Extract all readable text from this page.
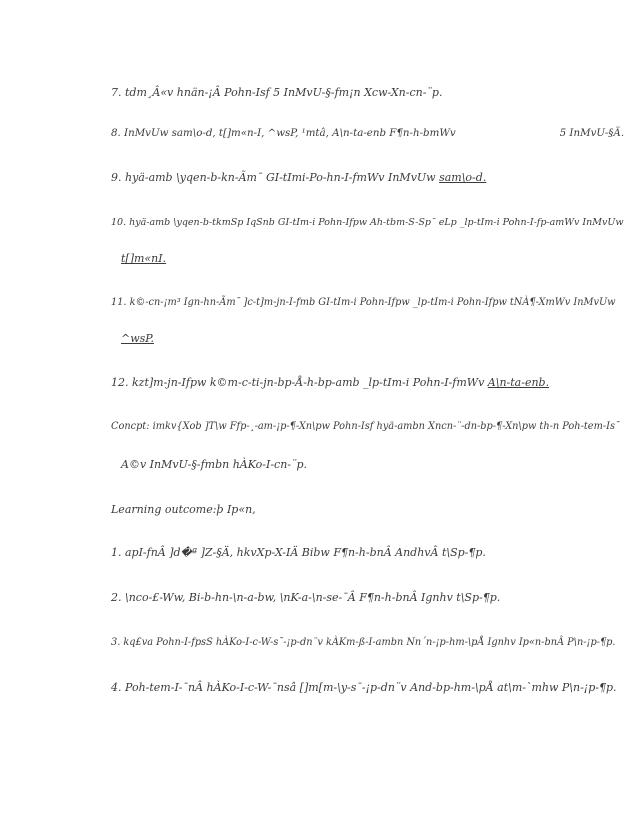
7. tdm¸Â«v hnän-¡Â Pohn-Isf 5 InMvU-§-fm¡n Xcw-Xn-cn-¨p.
8. InMvUw sam\o-d, t[]m«n-I, ^wsP, ¹mtâ, A\n-ta-enb F¶n-h-bmWv	5 InMvU-§Ä.
9. hyä-amb \yqen-b-kn-Ãm¯ GI-tImi-Po-hn-I-fmWv InMvUw sam\o-d.
10. hyä-amb \yqen-b-tkmSp IqSnb GI-tIm-i Pohn-Ifpw Ah-tbm-S-Sp¯ eLp _lp-tIm-i Pohn-I-fp-amWv InMvUw
t[]m«nI.
11. k©-cn-¡m³ Ign-hn-Ãm¯ ]c-t]m-jn-I-fmb GI-tIm-i Pohn-Ifpw _lp-tIm-i Pohn-Ifpw tNÀ¶-XmWv InMvUw
^wsP.
12. kzt]m-jn-Ifpw k©m-c-ti-jn-bp-Å-h-bp-amb _lp-tIm-i Pohn-I-fmWv A\n-ta-enb.
Concpt: imkv{Xob ]T\w Ffp-¸-am-¡p-¶-Xn\pw Pohn-Isf hyä-ambn Xncn-¨-dn-bp-¶-Xn\pw th-n Poh-tem-Is¯
A©v InMvU-§-fmbn hÀKo-I-cn-¨p.
Learning outcome:þ Ip«n,
1. apI-fnÂ ]d�ª ]Z-§Ä, hkvXp-X-IÄ Bibw F¶n-h-bnÂ AndhvÂ t\Sp-¶p.
2. \nco-£-Ww, Bi-b-hn-\n-a-bw, \nK-a-\n-se-¯Â F¶n-h-bnÂ Ignhv t\Sp-¶p.
3. kq£va Pohn-I-fpsS hÀKo-I-c-W-s¯-¡p-dn¨v kÀKm-ß-I-ambn Nn´n-¡p-hm-\pÅ Ignhv Ip«n-bnÂ P\n-¡p-¶p.
4. Poh-tem-I-¯nÂ hÀKo-I-c-W-¯nsâ []m[m-\y-s¯-¡p-dn¨v And-bp-hm-\pÅ at\m-`mhw P\n-¡p-¶p.
